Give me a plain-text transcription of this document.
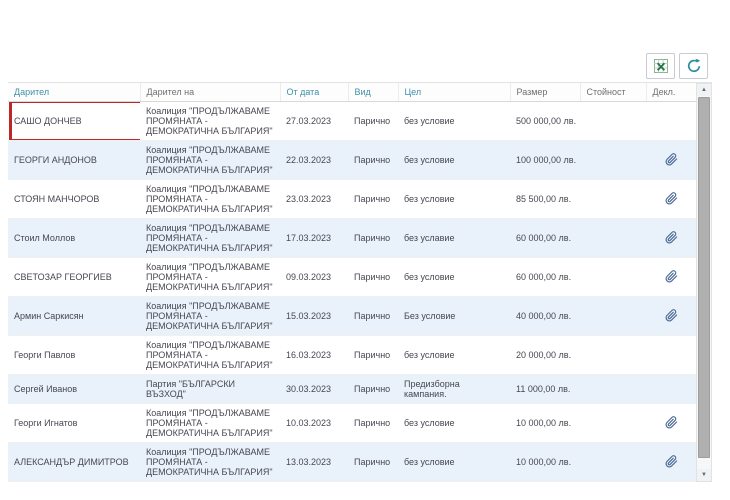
Дарител	Дарител на	От дата	Вид	Цел	Размер	Стойност	Декл.
САШО ДОНЧЕВ	Коалиция "ПРОДЪЛЖАВАМЕ ПРОМЯНАТА - ДЕМОКРАТИЧНА БЪЛГАРИЯ"	27.03.2023	Парично	без условие	500 000,00 лв.		
ГЕОРГИ АНДОНОВ	Коалиция "ПРОДЪЛЖАВАМЕ ПРОМЯНАТА - ДЕМОКРАТИЧНА БЪЛГАРИЯ"	22.03.2023	Парично	без условие	100 000,00 лв.		
СТОЯН МАНЧОРОВ	Коалиция "ПРОДЪЛЖАВАМЕ ПРОМЯНАТА - ДЕМОКРАТИЧНА БЪЛГАРИЯ"	23.03.2023	Парично	без условие	85 500,00 лв.		
Стоил Моллов	Коалиция "ПРОДЪЛЖАВАМЕ ПРОМЯНАТА - ДЕМОКРАТИЧНА БЪЛГАРИЯ"	17.03.2023	Парично	без уславие	60 000,00 лв.		
СВЕТОЗАР ГЕОРГИЕВ	Коалиция "ПРОДЪЛЖАВАМЕ ПРОМЯНАТА - ДЕМОКРАТИЧНА БЪЛГАРИЯ"	09.03.2023	Парично	без условие	60 000,00 лв.		
Армин Саркисян	Коалиция "ПРОДЪЛЖАВАМЕ ПРОМЯНАТА - ДЕМОКРАТИЧНА БЪЛГАРИЯ"	15.03.2023	Парично	Без условие	40 000,00 лв.		
Георги Павлов	Коалиция "ПРОДЪЛЖАВАМЕ ПРОМЯНАТА - ДЕМОКРАТИЧНА БЪЛГАРИЯ"	16.03.2023	Парично	без условие	20 000,00 лв.		
Сергей Иванов	Партия "БЪЛГАРСКИ ВЪЗХОД"	30.03.2023	Парично	Предизборна кампания.	11 000,00 лв.		
Георги Игнатов	Коалиция "ПРОДЪЛЖАВАМЕ ПРОМЯНАТА - ДЕМОКРАТИЧНА БЪЛГАРИЯ"	10.03.2023	Парично	без условие	10 000,00 лв.		
АЛЕКСАНДЪР ДИМИТРОВ	Коалиция "ПРОДЪЛЖАВАМЕ ПРОМЯНАТА - ДЕМОКРАТИЧНА БЪЛГАРИЯ"	13.03.2023	Парично	без условие	10 000,00 лв.		
▲
▼
